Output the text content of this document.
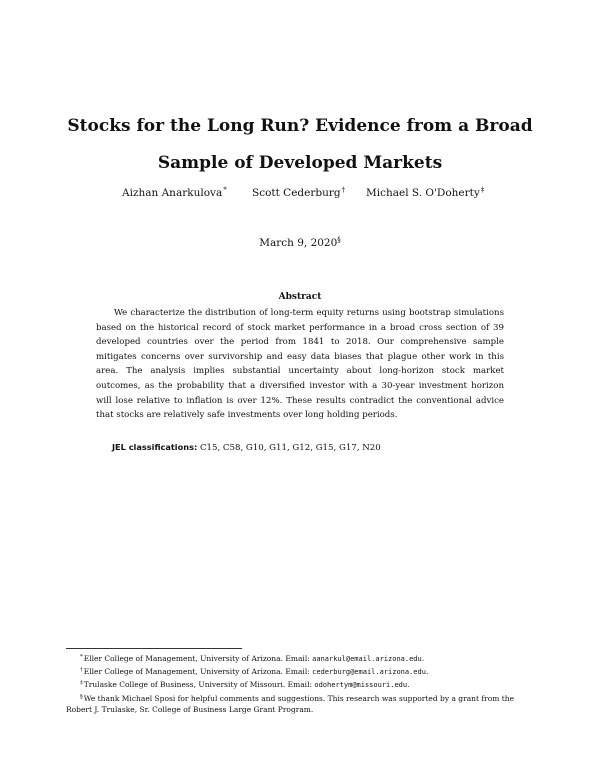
Stocks for the Long Run? Evidence from a Broad
Sample of Developed Markets
Aizhan Anarkulova* Scott Cederburg† Michael S. O'Doherty‡
March 9, 2020§
Abstract

We characterize the distribution of long-term equity returns using bootstrap simulations based on the historical record of stock market performance in a broad cross section of 39 developed countries over the period from 1841 to 2018. Our comprehensive sample mitigates concerns over survivorship and easy data biases that plague other work in this area. The analysis implies substantial uncertainty about long-horizon stock market outcomes, as the probability that a diversified investor with a 30-year investment horizon will lose relative to inflation is over 12%. These results contradict the conventional advice that stocks are relatively safe investments over long holding periods.

JEL classifications: C15, C58, G10, G11, G12, G15, G17, N20
*Eller College of Management, University of Arizona. Email: aanarkul@email.arizona.edu.
†Eller College of Management, University of Arizona. Email: cederburg@email.arizona.edu.
‡Trulaske College of Business, University of Missouri. Email: odohertym@missouri.edu.
§We thank Michael Sposi for helpful comments and suggestions. This research was supported by a grant from the Robert J. Trulaske, Sr. College of Business Large Grant Program.
